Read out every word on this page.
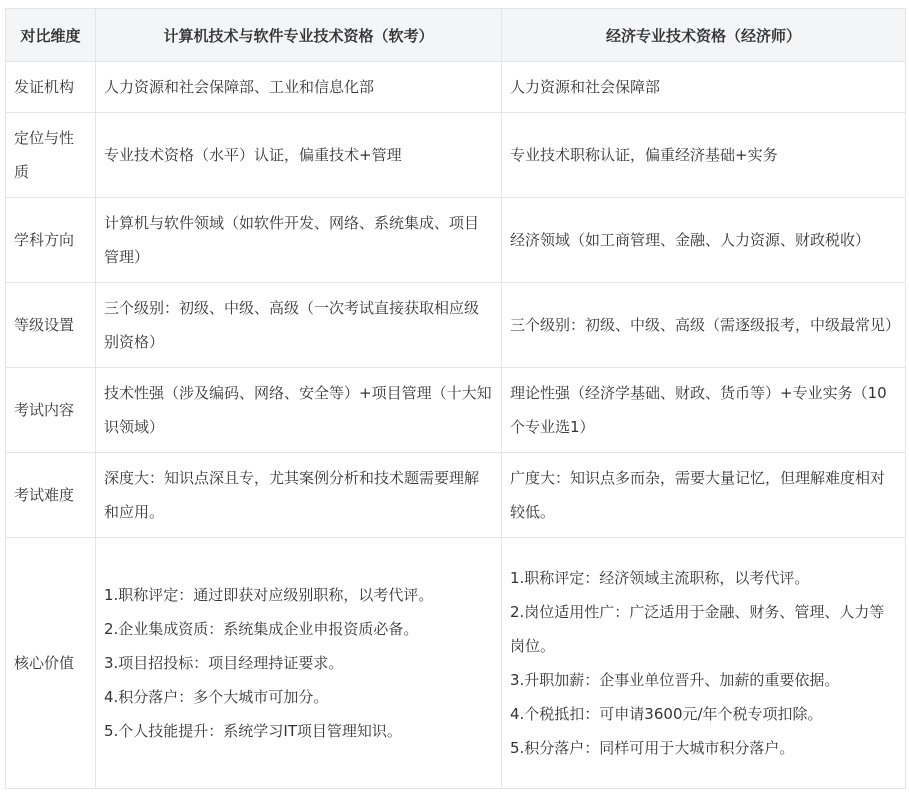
对比维度	计算机技术与软件专业技术资格（软考）	经济专业技术资格（经济师）
发证机构	人力资源和社会保障部、工业和信息化部	人力资源和社会保障部
定位与性质	专业技术资格（水平）认证，偏重技术+管理	专业技术职称认证，偏重经济基础+实务
学科方向	计算机与软件领域（如软件开发、网络、系统集成、项目管理）	经济领域（如工商管理、金融、人力资源、财政税收）
等级设置	三个级别：初级、中级、高级（一次考试直接获取相应级别资格）	三个级别：初级、中级、高级（需逐级报考，中级最常见）
考试内容	技术性强（涉及编码、网络、安全等）+项目管理（十大知识领域）	理论性强（经济学基础、财政、货币等）+专业实务（10个专业选1）
考试难度	深度大：知识点深且专，尤其案例分析和技术题需要理解和应用。	广度大：知识点多而杂，需要大量记忆，但理解难度相对较低。
核心价值	1.职称评定：通过即获对应级别职称，以考代评。
2.企业集成资质：系统集成企业申报资质必备。
3.项目招投标：项目经理持证要求。
4.积分落户：多个大城市可加分。
5.个人技能提升：系统学习IT项目管理知识。	1.职称评定：经济领域主流职称，以考代评。
2.岗位适用性广：广泛适用于金融、财务、管理、人力等岗位。
3.升职加薪：企事业单位晋升、加薪的重要依据。
4.个税抵扣：可申请3600元/年个税专项扣除。
5.积分落户：同样可用于大城市积分落户。
